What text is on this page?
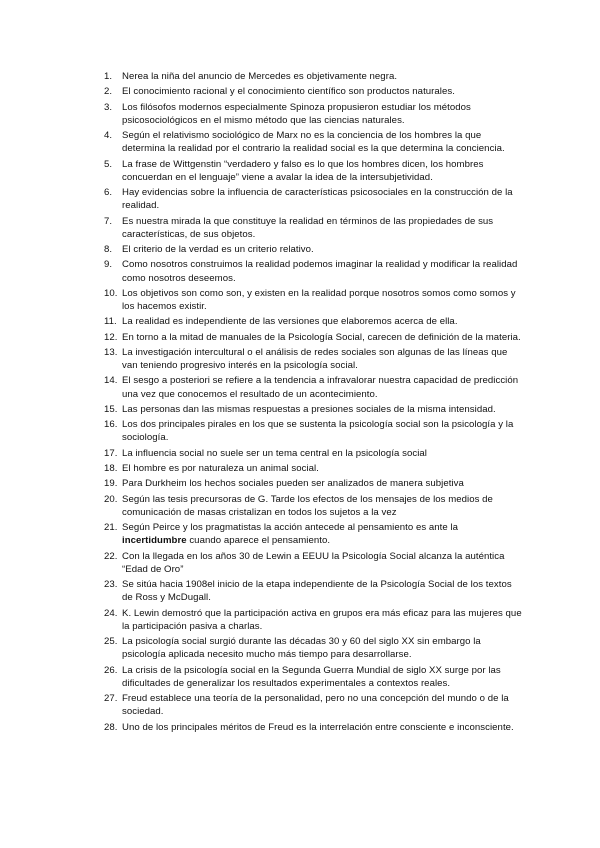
1. Nerea la niña del anuncio de Mercedes es objetivamente negra.
2. El conocimiento racional y el conocimiento científico son productos naturales.
3. Los filósofos modernos especialmente Spinoza propusieron estudiar los métodos psicosociológicos en el mismo método que las ciencias naturales.
4. Según el relativismo sociológico de Marx no es la conciencia de los hombres la que determina la realidad por el contrario la realidad social es la que determina la conciencia.
5. La frase de Wittgenstin “verdadero y falso es lo que los hombres dicen, los hombres concuerdan en el lenguaje” viene a avalar la idea de la intersubjetividad.
6. Hay evidencias sobre la influencia de características psicosociales en la construcción de la realidad.
7. Es nuestra mirada la que constituye la realidad en términos de las propiedades de sus características, de sus objetos.
8. El criterio de la verdad es un criterio relativo.
9. Como nosotros construimos la realidad podemos imaginar la realidad y modificar la realidad como nosotros deseemos.
10. Los objetivos son como son, y existen en la realidad porque nosotros somos como somos y los hacemos existir.
11. La realidad es independiente de las versiones que elaboremos acerca de ella.
12. En torno a la mitad de manuales de la Psicología Social, carecen de definición de la materia.
13. La investigación intercultural o el análisis de redes sociales son algunas de las líneas que van teniendo progresivo interés en la psicología social.
14. El sesgo a posteriori se refiere a la tendencia a infravalorar nuestra capacidad de predicción una vez que conocemos el resultado de un acontecimiento.
15. Las personas dan las mismas respuestas a presiones sociales de la misma intensidad.
16. Los dos principales pirales en los que se sustenta la psicología social son la psicología y la sociología.
17. La influencia social no suele ser un tema central en la psicología social
18. El hombre es por naturaleza un animal social.
19. Para Durkheim los hechos sociales pueden ser analizados de manera subjetiva
20. Según las tesis precursoras de G. Tarde los efectos de los mensajes de los medios de comunicación de masas cristalizan en todos los sujetos a la vez
21. Según Peirce y los pragmatistas la acción antecede al pensamiento es ante la incertidumbre cuando aparece el pensamiento.
22. Con la llegada en los años 30 de Lewin a EEUU la Psicología Social alcanza la auténtica “Edad de Oro”
23. Se sitúa hacia 1908el inicio de la etapa independiente de la Psicología Social de los textos de Ross y McDugall.
24. K. Lewin demostró que la participación activa en grupos era más eficaz para las mujeres que la participación pasiva a charlas.
25. La psicología social surgió durante las décadas 30 y 60 del siglo XX sin embargo la psicología aplicada necesito mucho más tiempo para desarrollarse.
26. La crisis de la psicología social en la Segunda Guerra Mundial de siglo XX surge por las dificultades de generalizar los resultados experimentales a contextos reales.
27. Freud establece una teoría de la personalidad, pero no una concepción del mundo o de la sociedad.
28. Uno de los principales méritos de Freud es la interrelación entre consciente e inconsciente.
